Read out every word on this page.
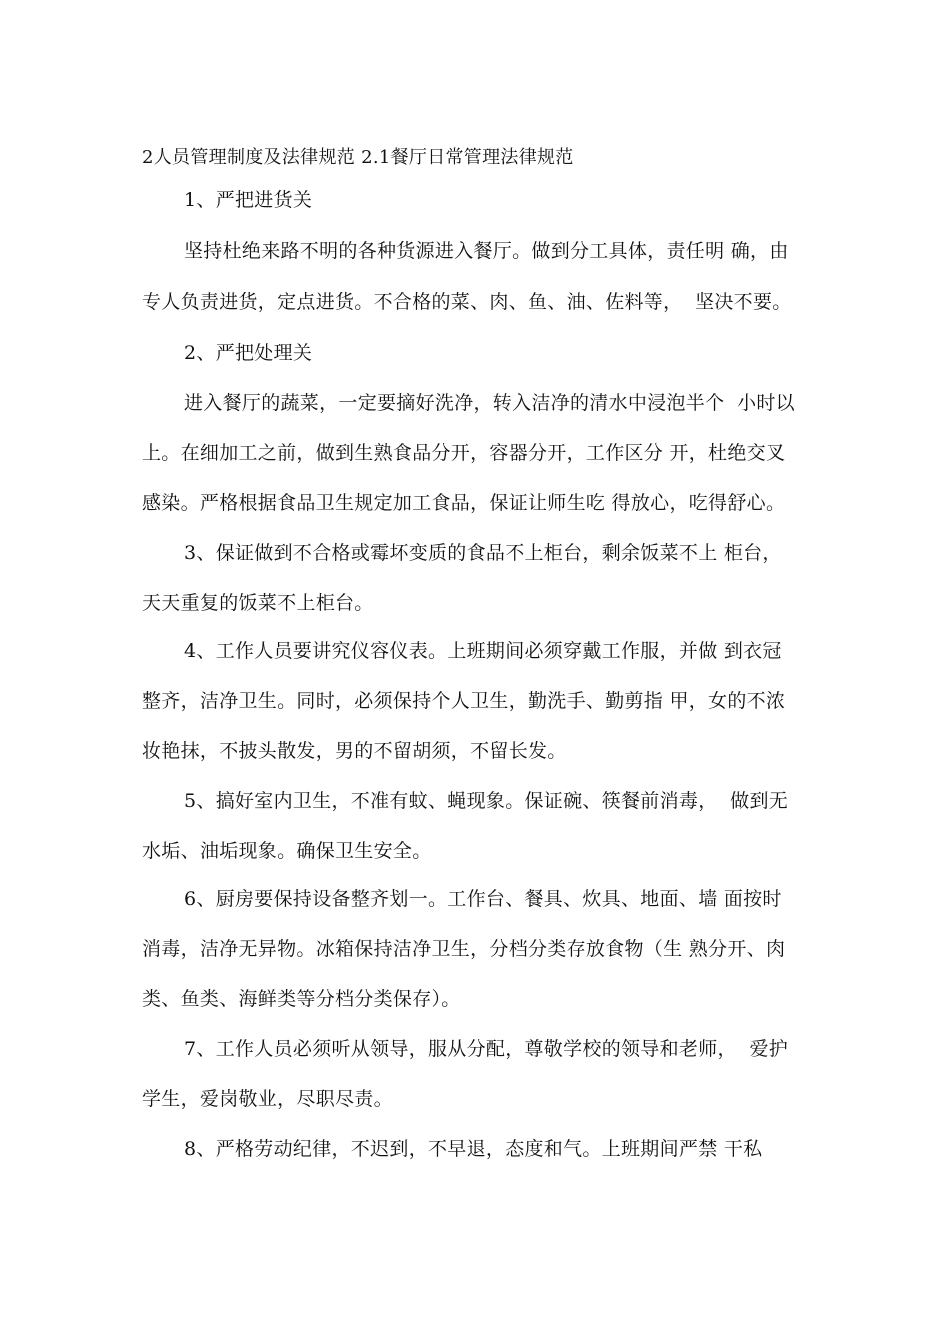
2人员管理制度及法律规范 2.1餐厅日常管理法律规范
1、严把进货关
坚持杜绝来路不明的各种货源进入餐厅。做到分工具体，责任明 确，由
专人负责进货，定点进货。不合格的菜、肉、鱼、油、佐料等，  坚决不要。
2、严把处理关
进入餐厅的蔬菜，一定要摘好洗净，转入洁净的清水中浸泡半个  小时以
上。在细加工之前，做到生熟食品分开，容器分开，工作区分 开，杜绝交叉
感染。严格根据食品卫生规定加工食品，保证让师生吃 得放心，吃得舒心。
3、保证做到不合格或霉坏变质的食品不上柜台，剩余饭菜不上 柜台，
天天重复的饭菜不上柜台。
4、工作人员要讲究仪容仪表。上班期间必须穿戴工作服，并做 到衣冠
整齐，洁净卫生。同时，必须保持个人卫生，勤洗手、勤剪指 甲，女的不浓
妆艳抹，不披头散发，男的不留胡须，不留长发。
5、搞好室内卫生，不准有蚊、蝇现象。保证碗、筷餐前消毒，  做到无
水垢、油垢现象。确保卫生安全。
6、厨房要保持设备整齐划一。工作台、餐具、炊具、地面、墙 面按时
消毒，洁净无异物。冰箱保持洁净卫生，分档分类存放食物（生 熟分开、肉
类、鱼类、海鲜类等分档分类保存）。
7、工作人员必须听从领导，服从分配，尊敬学校的领导和老师，  爱护
学生，爱岗敬业，尽职尽责。
8、严格劳动纪律，不迟到，不早退，态度和气。上班期间严禁 干私
